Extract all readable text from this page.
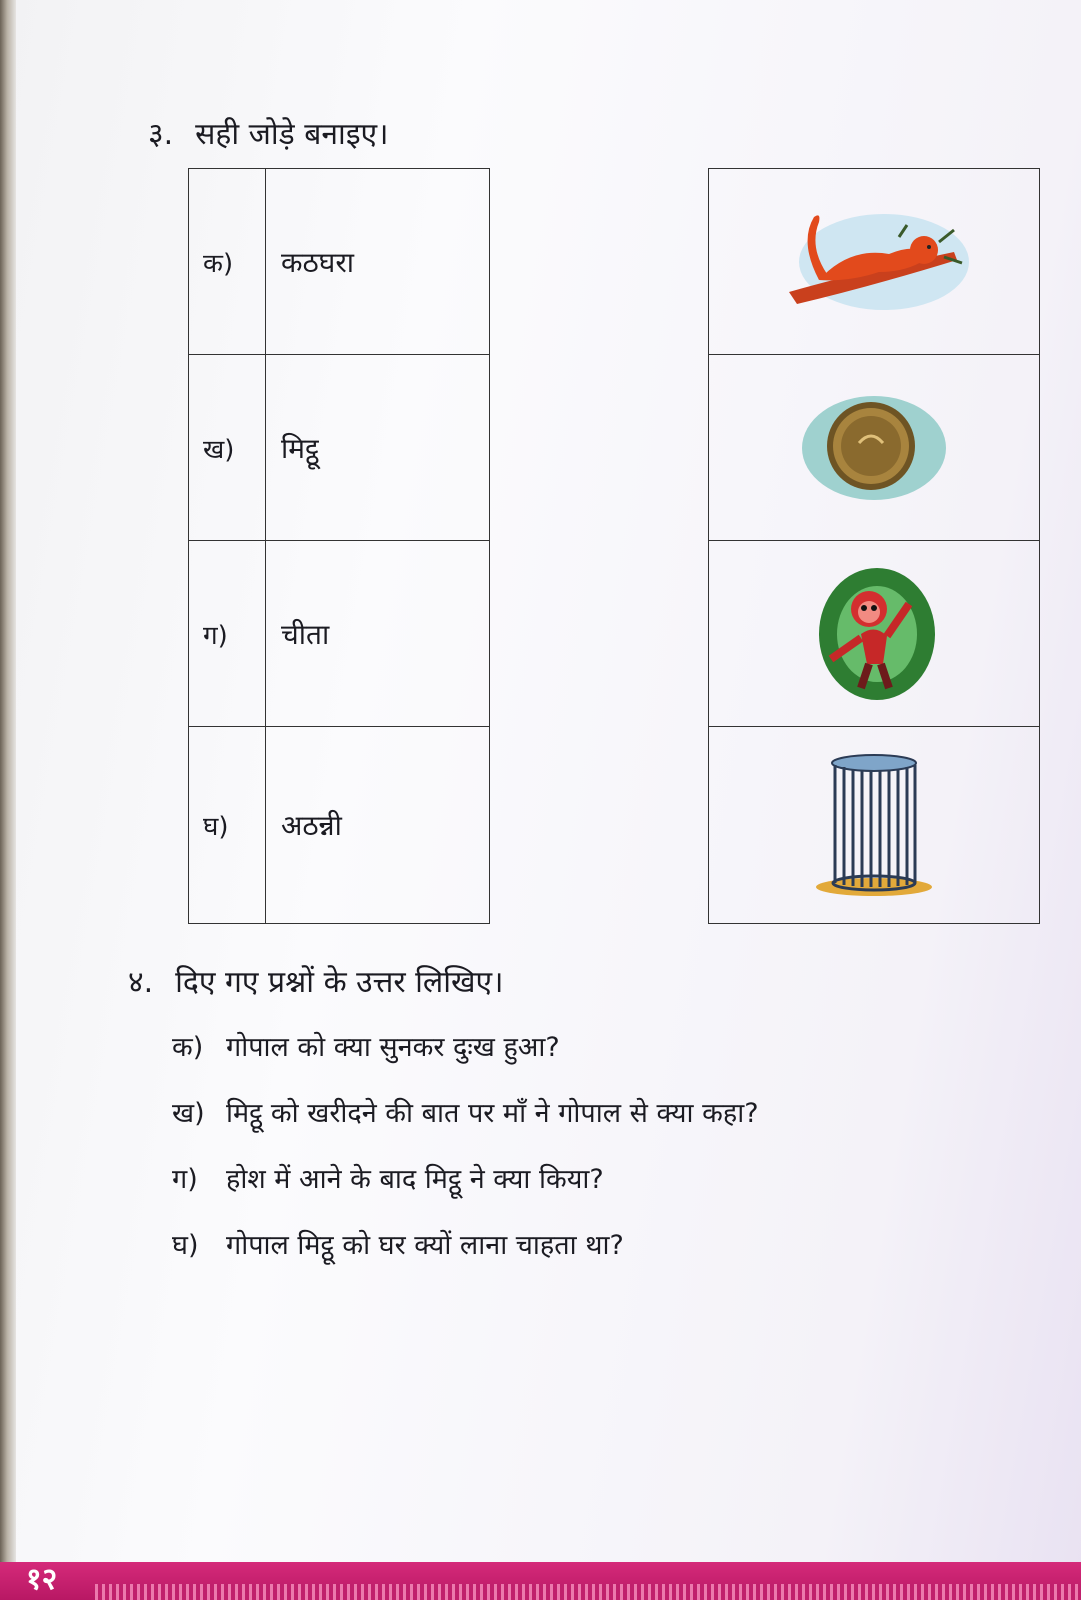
३. सही जोड़े बनाइए।
क) कठघरा
ख) मिट्ठू
ग) चीता
घ) अठन्नी
४. दिए गए प्रश्नों के उत्तर लिखिए।
क) गोपाल को क्या सुनकर दुःख हुआ?
ख) मिट्ठू को खरीदने की बात पर माँ ने गोपाल से क्या कहा?
ग)	होश में आने के बाद मिट्ठू ने क्या किया?
घ)	गोपाल मिट्ठू को घर क्यों लाना चाहता था?
१२
